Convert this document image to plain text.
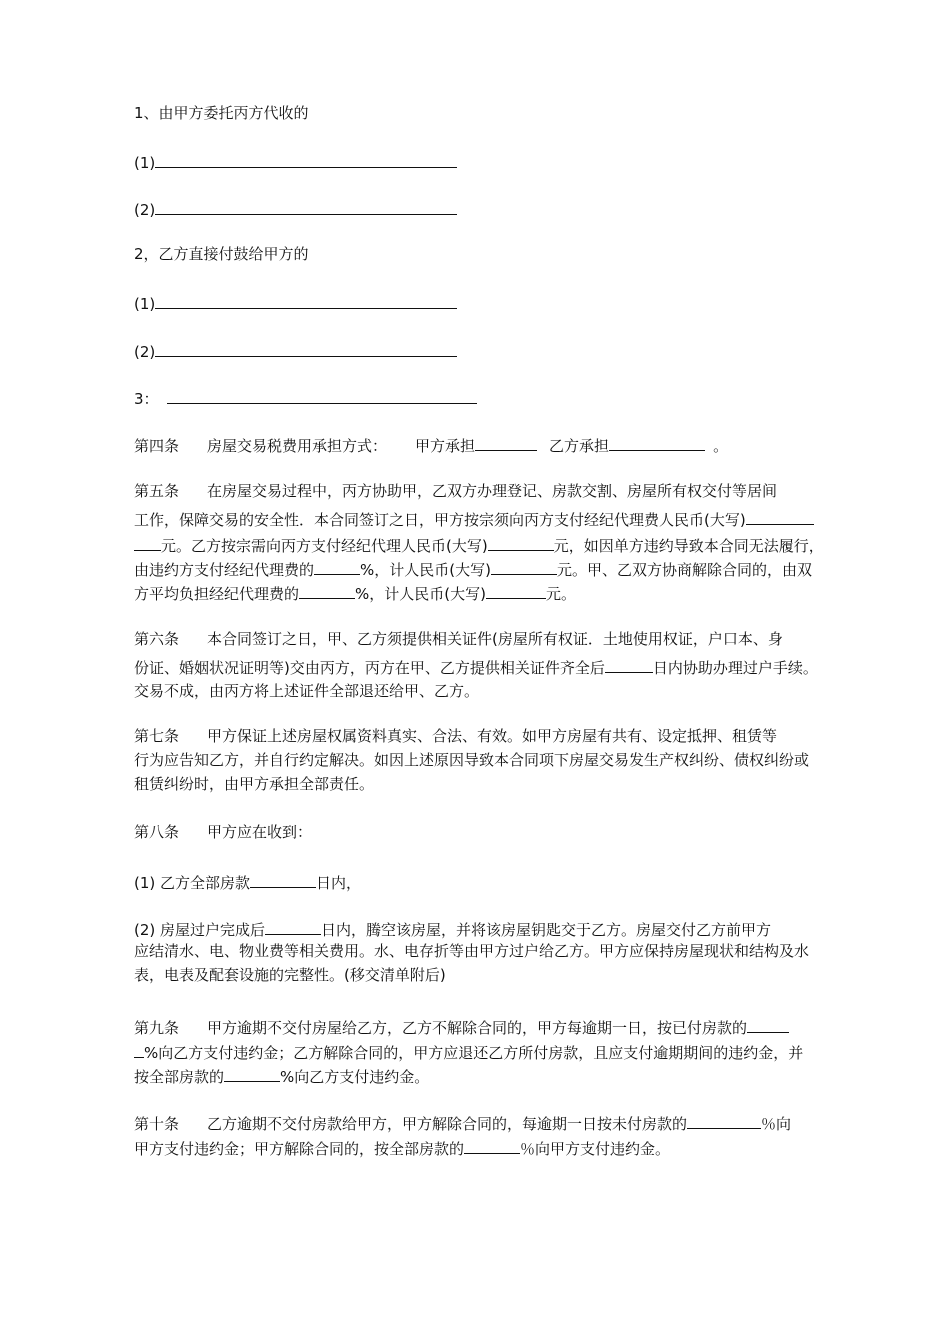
1、由甲方委托丙方代收的
(1)
(2)
2，乙方直接付鼓给甲方的
(1)
(2)
3：
第四条 房屋交易税费用承担方式： 甲方承担	乙方承担	。
第五条 在房屋交易过程中，丙方协助甲，乙双方办理登记、房款交割、房屋所有权交付等居间
工作，保障交易的安全性．本合同签订之日，甲方按宗须向丙方支付经纪代理费人民币(大写)
元。乙方按宗需向丙方支付经纪代理人民币(大写)	元，如因单方违约导致本合同无法履行，
由违约方支付经纪代理费的	%，计人民币(大写)	元。甲、乙双方协商解除合同的，由双
方平均负担经纪代理费的	%，计人民币(大写)	元。
第六条 本合同签订之日，甲、乙方须提供相关证件(房屋所有权证．土地使用权证，户口本、身
份证、婚姻状况证明等)交由丙方，丙方在甲、乙方提供相关证件齐全后	日内协助办理过户手续。
交易不成，由丙方将上述证件全部退还给甲、乙方。
第七条 甲方保证上述房屋权属资料真实、合法、有效。如甲方房屋有共有、设定抵押、租赁等
行为应告知乙方，并自行约定解决。如因上述原因导致本合同项下房屋交易发生产权纠纷、债权纠纷或
租赁纠纷时，由甲方承担全部责任。
第八条 甲方应在收到：
(1) 乙方全部房款	日内，
(2) 房屋过户完成后	日内，腾空该房屋，并将该房屋钥匙交于乙方。房屋交付乙方前甲方
应结清水、电、物业费等相关费用。水、电存折等由甲方过户给乙方。甲方应保持房屋现状和结构及水
表，电表及配套设施的完整性。(移交清单附后)
第九条 甲方逾期不交付房屋给乙方，乙方不解除合同的，甲方每逾期一日，按已付房款的
%向乙方支付违约金；乙方解除合同的，甲方应退还乙方所付房款，且应支付逾期期间的违约金，并
按全部房款的	%向乙方支付违约金。
第十条 乙方逾期不交付房款给甲方，甲方解除合同的，每逾期一日按未付房款的	％向
甲方支付违约金；甲方解除合同的，按全部房款的	％向甲方支付违约金。
